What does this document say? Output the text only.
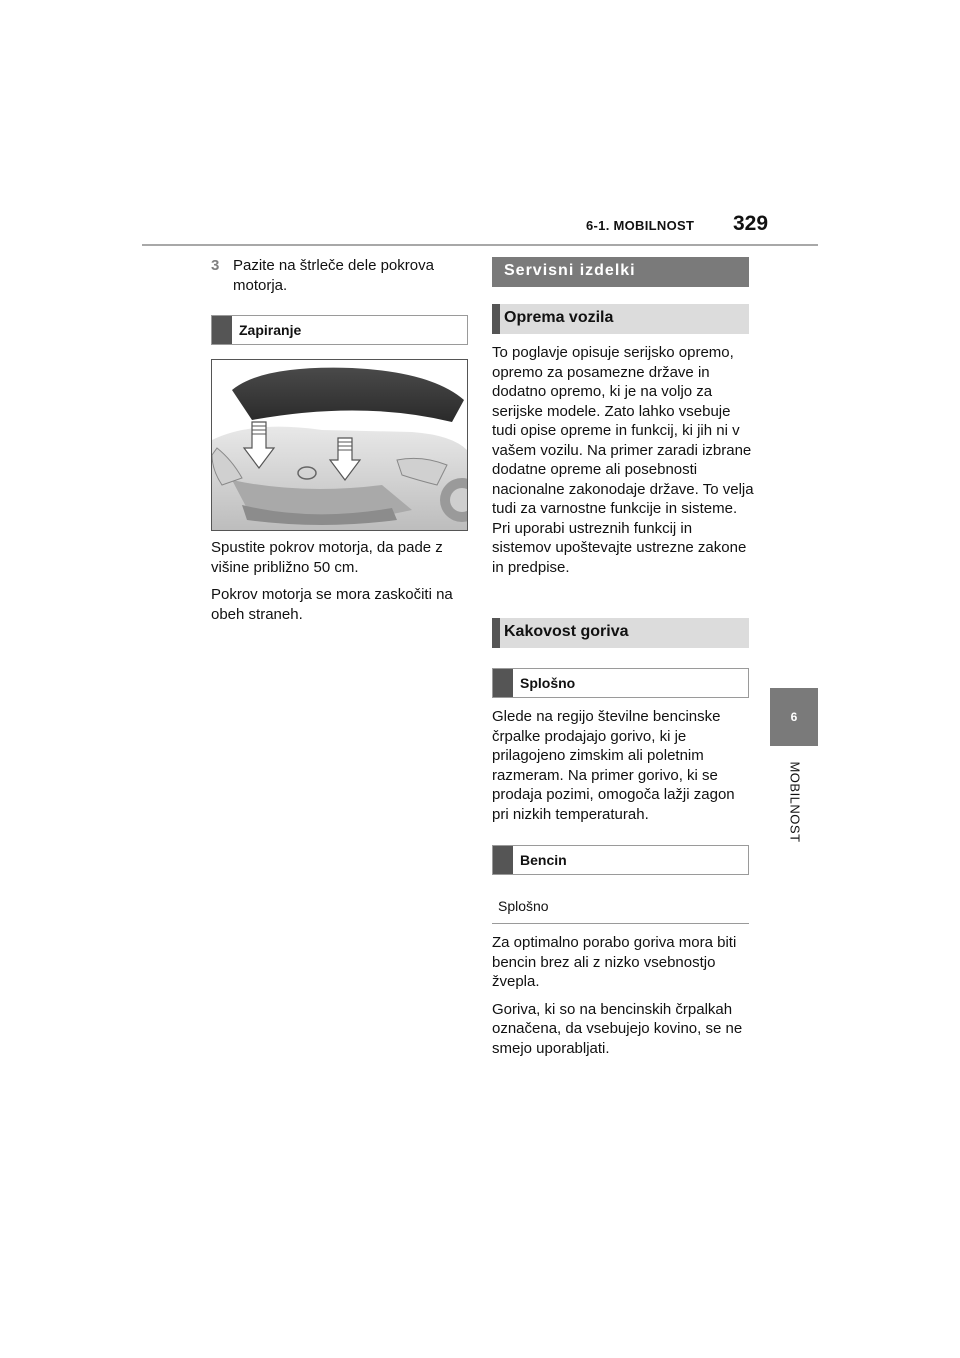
6-1. MOBILNOST 329
6
MOBILNOST
3 Pazite na štrleče dele pokrova motorja.

Zapiranje

Spustite pokrov motorja, da pade z višine približno 50 cm.

Pokrov motorja se mora zaskočiti na obeh straneh.

Servisni izdelki
Oprema vozila

To poglavje opisuje serijsko opremo, opremo za posamezne države in dodatno opremo, ki je na voljo za serijske modele. Zato lahko vsebuje tudi opise opreme in funkcij, ki jih ni v vašem vozilu. Na primer zaradi izbrane dodatne opreme ali posebnosti nacionalne zakonodaje države. To velja tudi za varnostne funkcije in sisteme. Pri uporabi ustreznih funkcij in sistemov upoštevajte ustrezne zakone in predpise.

Kakovost goriva
Splošno

Glede na regijo številne bencinske črpalke prodajajo gorivo, ki je prilagojeno zimskim ali poletnim razmeram. Na primer gorivo, ki se prodaja pozimi, omogoča lažji zagon pri nizkih temperaturah.

Bencin
Splošno

Za optimalno porabo goriva mora biti bencin brez ali z nizko vsebnostjo žvepla.

Goriva, ki so na bencinskih črpalkah označena, da vsebujejo kovino, se ne smejo uporabljati.
